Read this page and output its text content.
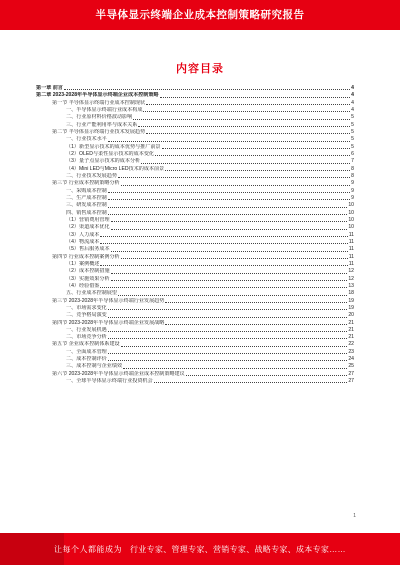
半导体显示终端企业成本控制策略研究报告
内容目录
第一章 前言	4
第二章 2023-2028年半导体显示终端企业成本控制策略	4
第一节 半导体显示终端行业成本控制现状	4
一、半导体显示终端行业成本构成	4
二、行业原材料价格波动影响	5
三、行业产能利用率与成本关系	5
第二节 半导体显示终端行业技术发展趋势	5
一、行业技术水平	5
（1）新型显示技术的成本优势与推广前景	5
（2）OLED与柔性显示技术的成本变化	6
（3）量子点显示技术的成本分析	7
（4）Mini LED与Micro LED技术的成本前景	8
二、行业技术发展趋势	8
第三节 行业成本控制策略分析	9
一、采购成本控制	9
二、生产成本控制	9
三、研发成本控制	10
四、销售成本控制	10
（1）营销费用管理	10
（2）渠道成本优化	10
（3）人力成本	11
（4）物流成本	11
（5）售后服务成本	11
第四节 行业成本控制案例分析	11
（1）案例概述	11
（2）成本控制措施	12
（3）实施效果分析	12
（4）经验借鉴	13
五、行业成本控制展望	18
第三节 2023-2028年半导体显示终端行业发展趋势	19
一、市场需求变化	19
二、竞争格局演变	20
第四节 2023-2028年半导体显示终端企业发展战略	21
一、行业发展机遇	21
二、市场竞争分析	21
第五节 企业成本控制体系建设	22
一、全面成本管理	23
二、成本控制评价	24
三、成本控制与企业绩效	25
第六节 2023-2028年半导体显示终端企业成本控制策略建议	27
一、全球半导体显示终端行业投资机会	27
1
让每个人都能成为 行业专家、管理专家、营销专家、战略专家、成本专家……
